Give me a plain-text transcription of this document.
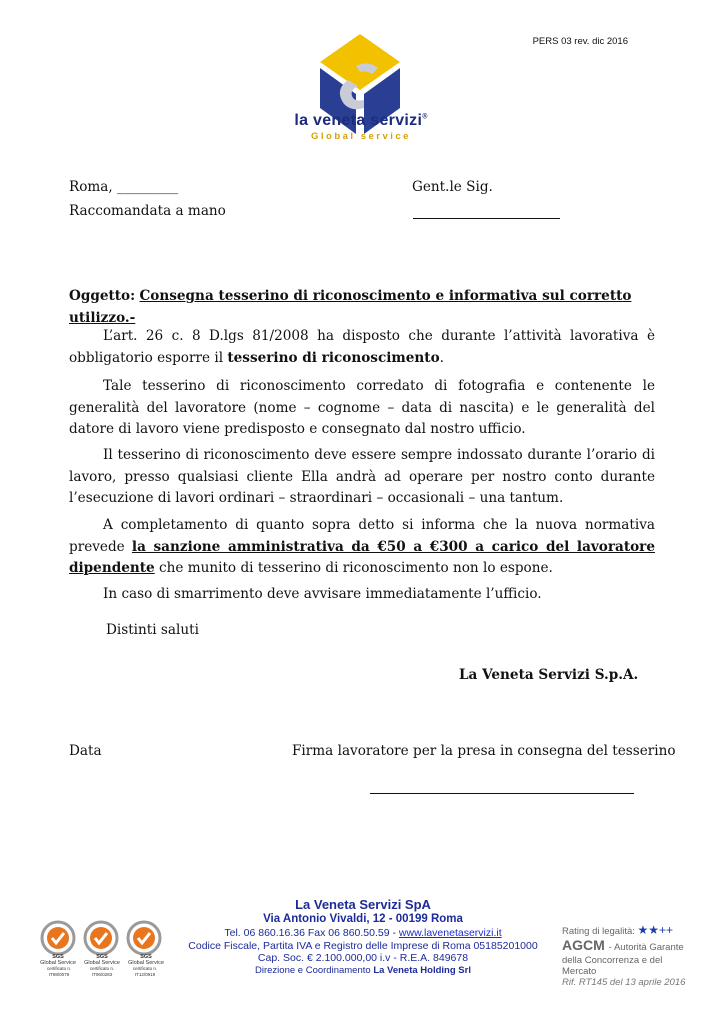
PERS 03 rev. dic 2016
la veneta servizi®
Global service
Roma, _________
Raccomandata a mano
Gent.le Sig.
Oggetto: Consegna tesserino di riconoscimento e informativa sul corretto utilizzo.-
L’art. 26 c. 8 D.lgs 81/2008 ha disposto che durante l’attività lavorativa è obbligatorio esporre il tesserino di riconoscimento.
Tale tesserino di riconoscimento corredato di fotografia e contenente le generalità del lavoratore (nome – cognome – data di nascita) e le generalità del datore di lavoro viene predisposto e consegnato dal nostro ufficio.
Il tesserino di riconoscimento deve essere sempre indossato durante l’orario di lavoro, presso qualsiasi cliente Ella andrà ad operare per nostro conto durante l’esecuzione di lavori ordinari – straordinari – occasionali – una tantum.
A completamento di quanto sopra detto si informa che la nuova normativa prevede la sanzione amministrativa da €50 a €300 a carico del lavoratore dipendente che munito di tesserino di riconoscimento non lo espone.
In caso di smarrimento deve avvisare immediatamente l’ufficio.
Distinti saluti
La Veneta Servizi S.p.A.
Data	Firma lavoratore per la presa in consegna del tesserino
SGS	SGS	SGS
Global Service	Global Service	Global Service
certificato n. IT98/0079
certificato n. IT06/0283
certificato n. IT12/0919
La Veneta Servizi SpA
Via Antonio Vivaldi, 12 - 00199 Roma
Tel. 06 860.16.36 Fax 06 860.50.59 - www.lavenetaservizi.it
Codice Fiscale, Partita IVA e Registro delle Imprese di Roma 05185201000
Cap. Soc. € 2.100.000,00 i.v - R.E.A. 849678
Direzione e Coordinamento La Veneta Holding Srl
Rating di legalità: ★★++
AGCM - Autorità Garante
della Concorrenza e del Mercato
Rif. RT145 del 13 aprile 2016
